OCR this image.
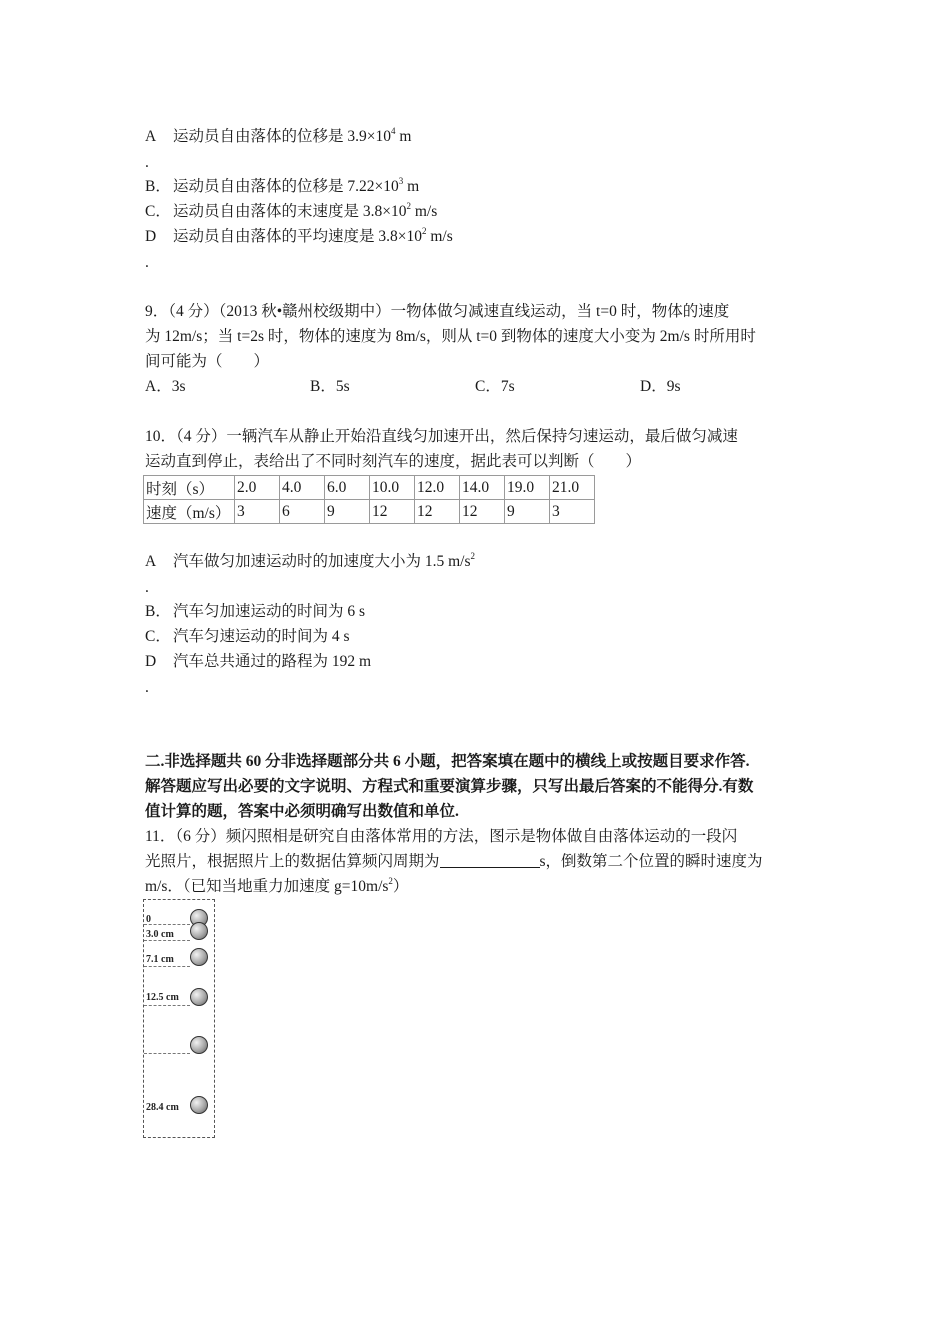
A 运动员自由落体的位移是 $3.9\times 10^4$ m
.
B． 运动员自由落体的位移是 $7.22\times 10^3$ m
C． 运动员自由落体的末速度是 $3.8\times 10^2$ m/s
D 运动员自由落体的平均速度是 $3.8\times 10^2$ m/s
.
9．（4 分）（2013 秋•赣州校级期中）一物体做匀减速直线运动，当 t=0 时，物体的速度
为 12m/s；当 t=2s 时，物体的速度为 8m/s，则从 t=0 到物体的速度大小变为 2m/s 时所用时
间可能为（　　）
A．3s	B．5s	C．7s	D．9s
10．（4 分）一辆汽车从静止开始沿直线匀加速开出，然后保持匀速运动，最后做匀减速
运动直到停止，表给出了不同时刻汽车的速度，据此表可以判断（　　）
时刻（s）	2.0	4.0	6.0	10.0	12.0	14.0	19.0	21.0
速度（m/s）	3	6	9	12	12	12	9	3
A 汽车做匀加速运动时的加速度大小为 1.5 $m/s^2$
.
B． 汽车匀加速运动的时间为 6 s
C． 汽车匀速运动的时间为 4 s
D 汽车总共通过的路程为 192 m
.
二.非选择题共 60 分非选择题部分共 6 小题，把答案填在题中的横线上或按题目要求作答.
解答题应写出必要的文字说明、方程式和重要演算步骤，只写出最后答案的不能得分.有数
值计算的题，答案中必须明确写出数值和单位.
11．（6 分）频闪照相是研究自由落体常用的方法，图示是物体做自由落体运动的一段闪
光照片，根据照片上的数据估算频闪周期为	s，倒数第二个位置的瞬时速度为
m/s．（已知当地重力加速度 $g=10m/s^2$）
0
3.0 cm
7.1 cm
12.5 cm
28.4 cm
